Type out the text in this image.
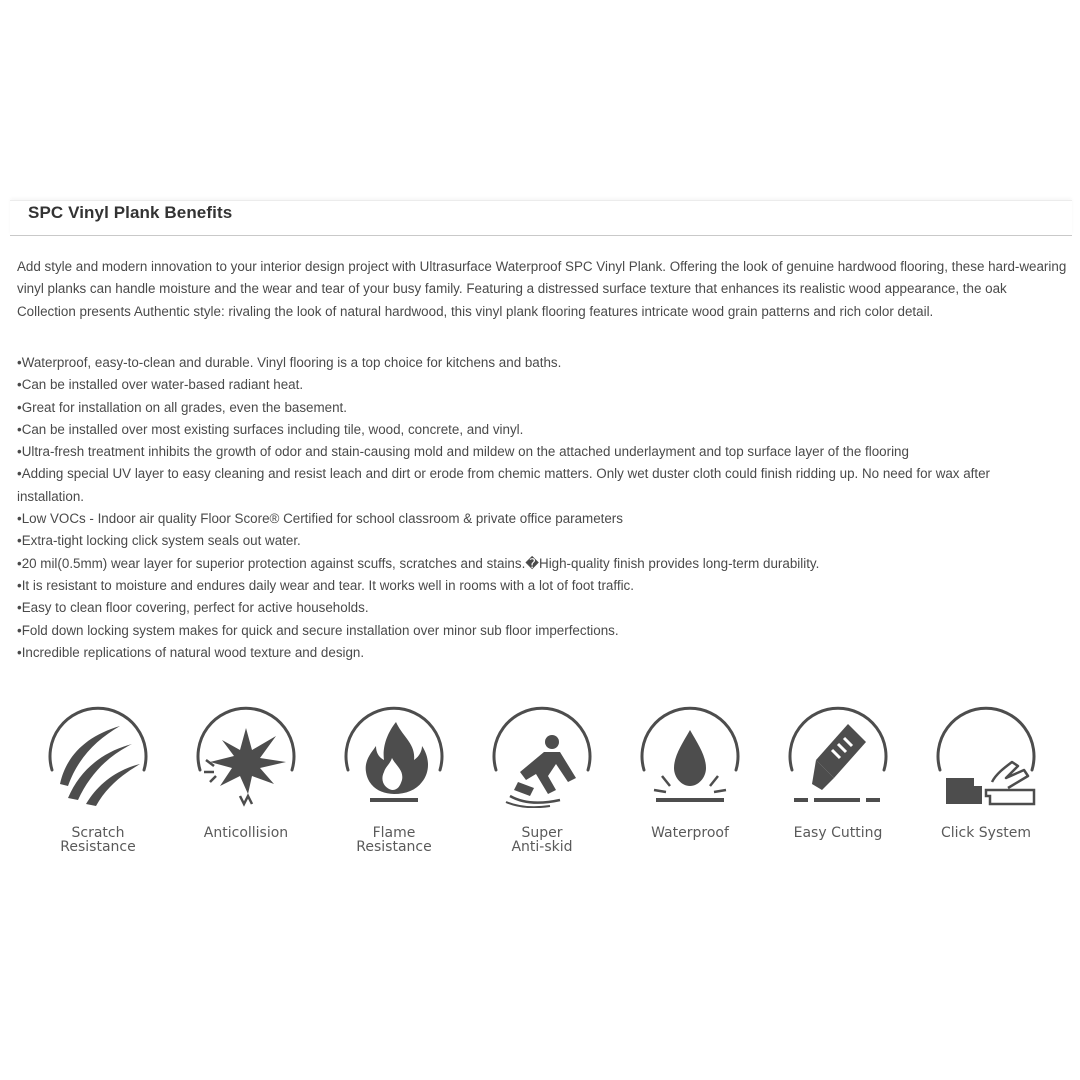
SPC Vinyl Plank Benefits

Add style and modern innovation to your interior design project with Ultrasurface Waterproof SPC Vinyl Plank. Offering the look of genuine hardwood flooring, these hard-wearing vinyl planks can handle moisture and the wear and tear of your busy family. Featuring a distressed surface texture that enhances its realistic wood appearance, the oak Collection presents Authentic style: rivaling the look of natural hardwood, this vinyl plank flooring features intricate wood grain patterns and rich color detail.

•Waterproof, easy-to-clean and durable. Vinyl flooring is a top choice for kitchens and baths.
•Can be installed over water-based radiant heat.
•Great for installation on all grades, even the basement.
•Can be installed over most existing surfaces including tile, wood, concrete, and vinyl.
•Ultra-fresh treatment inhibits the growth of odor and stain-causing mold and mildew on the attached underlayment and top surface layer of the flooring
•Adding special UV layer to easy cleaning and resist leach and dirt or erode from chemic matters. Only wet duster cloth could finish ridding up. No need for wax after installation.
•Low VOCs - Indoor air quality Floor Score® Certified for school classroom & private office parameters
•Extra-tight locking click system seals out water.
•20 mil(0.5mm) wear layer for superior protection against scuffs, scratches and stains.�High-quality finish provides long-term durability.
•It is resistant to moisture and endures daily wear and tear. It works well in rooms with a lot of foot traffic.
•Easy to clean floor covering, perfect for active households.
•Fold down locking system makes for quick and secure installation over minor sub floor imperfections.
•Incredible replications of natural wood texture and design.
Scratch
Resistance
Anticollision	Flame
Resistance
Super
Anti-skid
Waterproof	Easy Cutting	Click System
